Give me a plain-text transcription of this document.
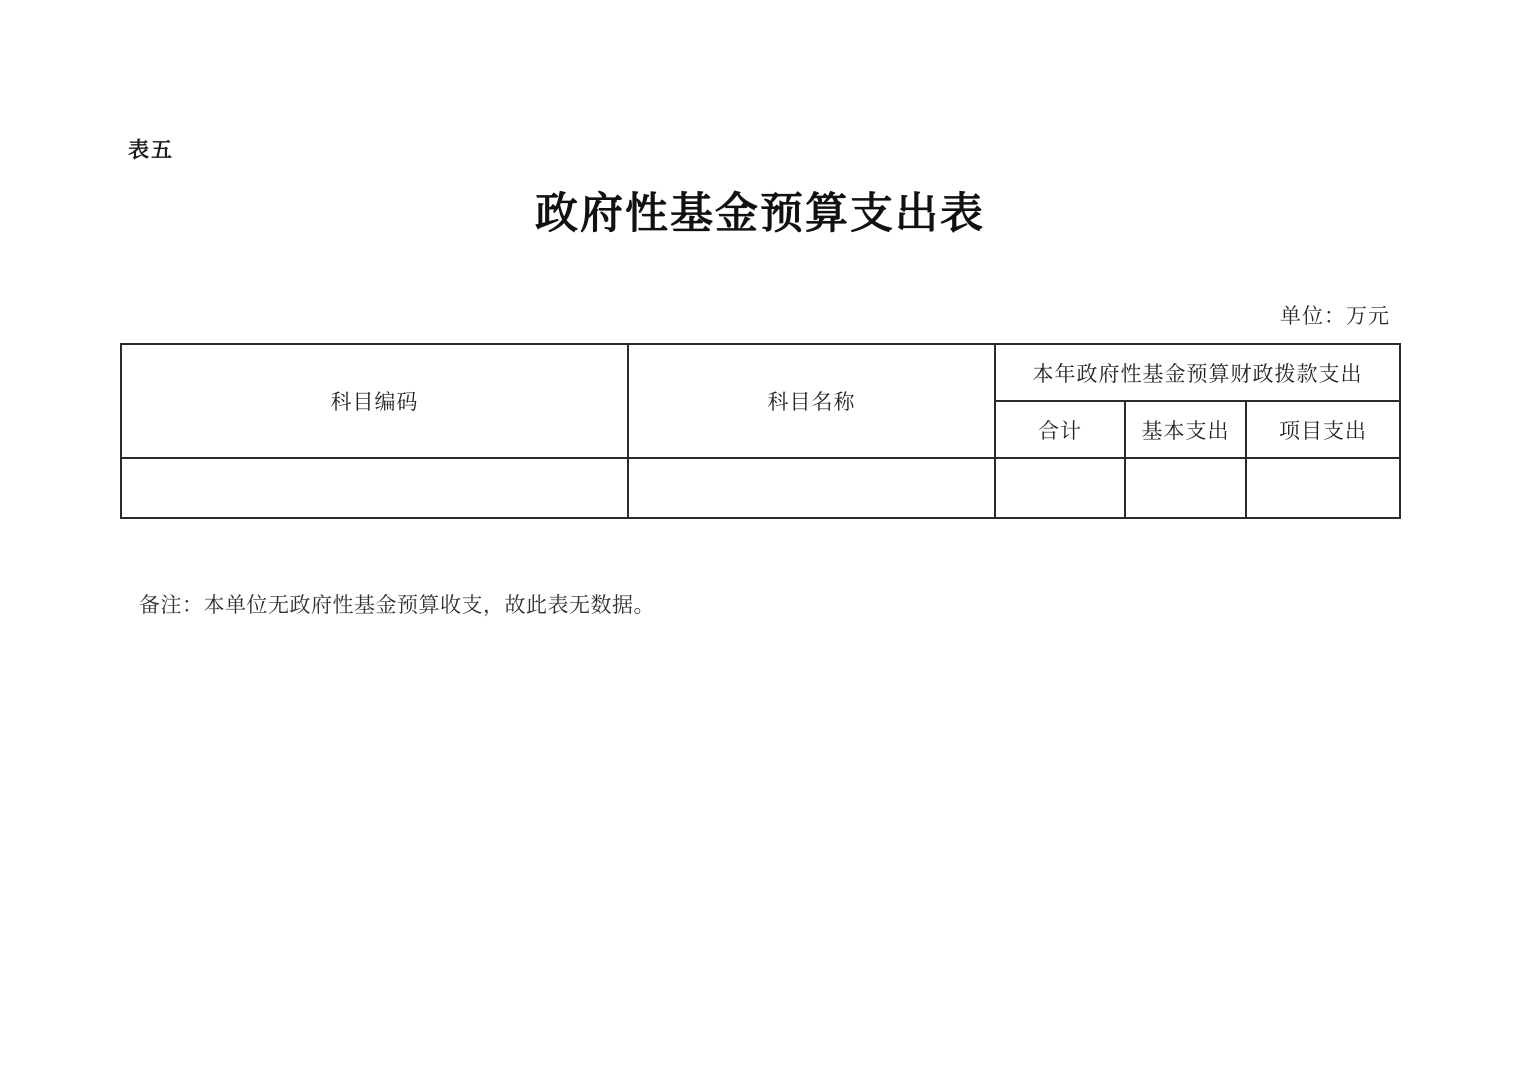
表五
政府性基金预算支出表
单位：万元
科目编码	科目名称	本年政府性基金预算财政拨款支出		
		合计	基本支出	项目支出

备注：本单位无政府性基金预算收支，故此表无数据。
